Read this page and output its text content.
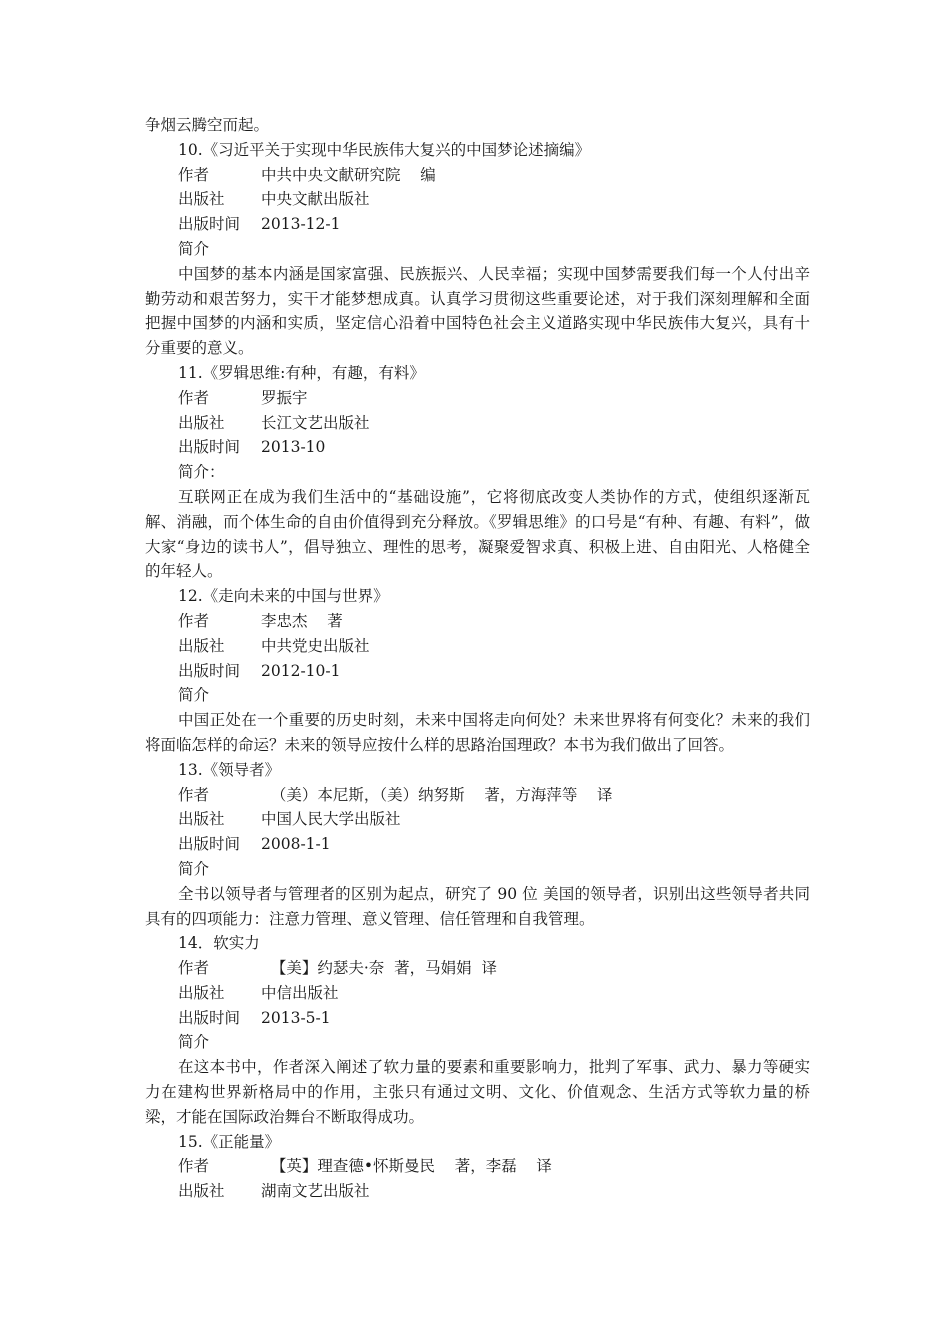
争烟云腾空而起。
10.《习近平关于实现中华民族伟大复兴的中国梦论述摘编》
作者	中共中央文献研究院    编
出版社	中央文献出版社
出版时间	2013-12-1
简介
中国梦的基本内涵是国家富强、民族振兴、人民幸福；实现中国梦需要我们每一个人付出辛勤劳动和艰苦努力，实干才能梦想成真。认真学习贯彻这些重要论述，对于我们深刻理解和全面把握中国梦的内涵和实质，坚定信心沿着中国特色社会主义道路实现中华民族伟大复兴，具有十分重要的意义。
11.《罗辑思维:有种，有趣，有料》
作者	罗振宇
出版社	长江文艺出版社
出版时间	2013-10
简介：
互联网正在成为我们生活中的“基础设施”，它将彻底改变人类协作的方式，使组织逐渐瓦解、消融，而个体生命的自由价值得到充分释放。《罗辑思维》的口号是“有种、有趣、有料”，做大家“身边的读书人”，倡导独立、理性的思考，凝聚爱智求真、积极上进、自由阳光、人格健全的年轻人。
12.《走向未来的中国与世界》
作者	李忠杰    著
出版社	中共党史出版社
出版时间	2012-10-1
简介
中国正处在一个重要的历史时刻，未来中国将走向何处？未来世界将有何变化？未来的我们将面临怎样的命运？未来的领导应按什么样的思路治国理政？本书为我们做出了回答。
13.《领导者》
作者	（美）本尼斯，（美）纳努斯    著，方海萍等    译
出版社	中国人民大学出版社
出版时间	2008-1-1
简介
全书以领导者与管理者的区别为起点，研究了 90 位 美国的领导者，识别出这些领导者共同具有的四项能力：注意力管理、意义管理、信任管理和自我管理。
14．软实力
作者	【美】约瑟夫·奈  著，马娟娟  译
出版社	中信出版社
出版时间	2013-5-1
简介
在这本书中，作者深入阐述了软力量的要素和重要影响力，批判了军事、武力、暴力等硬实力在建构世界新格局中的作用，主张只有通过文明、文化、价值观念、生活方式等软力量的桥梁，才能在国际政治舞台不断取得成功。
15.《正能量》
作者	【英】理查德•怀斯曼民    著，李磊    译
出版社	湖南文艺出版社
